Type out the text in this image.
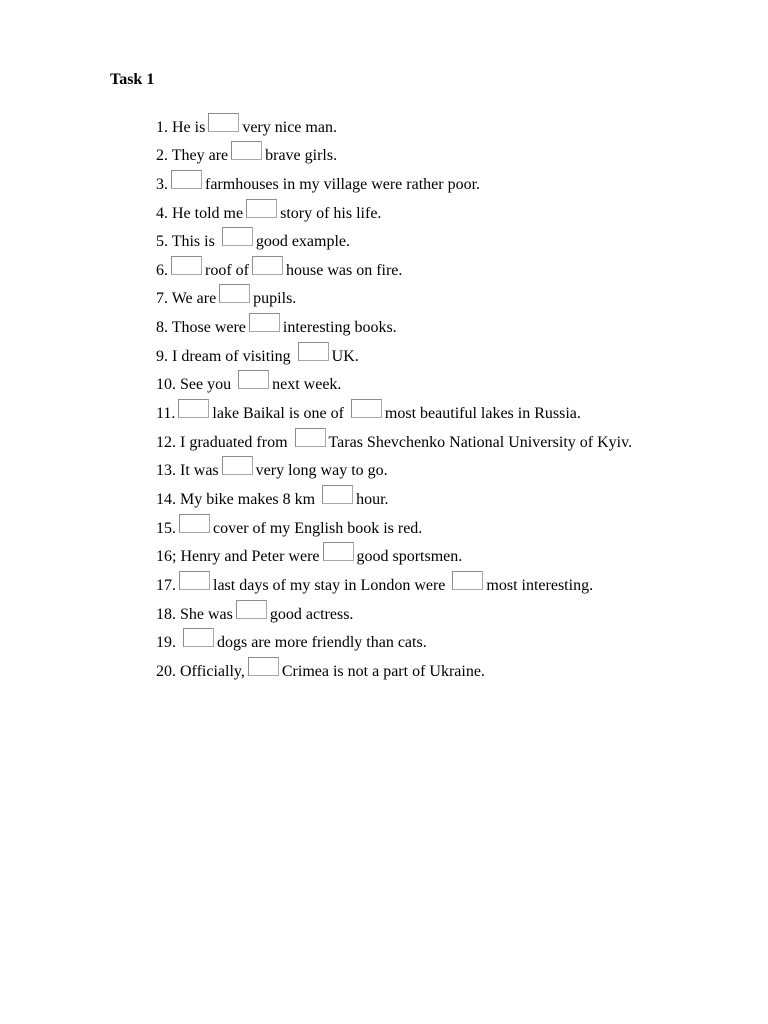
Task 1
1. He is very nice man.
2. They are brave girls.
3. farmhouses in my village were rather poor.
4. He told me story of his life.
5. This is good example.
6. roof of house was on fire.
7. We are pupils.
8. Those were interesting books.
9. I dream of visiting UK.
10. See you next week.
11. lake Baikal is one of most beautiful lakes in Russia.
12. I graduated from Taras Shevchenko National University of Kyiv.
13. It was very long way to go.
14. My bike makes 8 km hour.
15. cover of my English book is red.
16; Henry and Peter were good sportsmen.
17. last days of my stay in London were most interesting.
18. She was good actress.
19. dogs are more friendly than cats.
20. Officially, Crimea is not a part of Ukraine.
